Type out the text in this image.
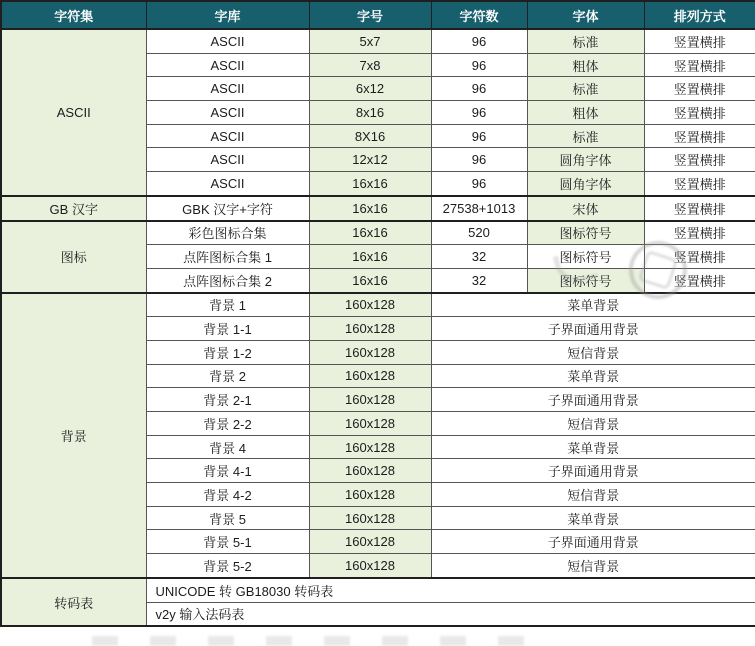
字符集	字库	字号	字符数	字体	排列方式
ASCII	ASCII	5x7	96	标准	竖置横排
	ASCII	7x8	96	粗体	竖置横排
	ASCII	6x12	96	标准	竖置横排
	ASCII	8x16	96	粗体	竖置横排
	ASCII	8X16	96	标准	竖置横排
	ASCII	12x12	96	圆角字体	竖置横排
	ASCII	16x16	96	圆角字体	竖置横排
GB 汉字	GBK 汉字+字符	16x16	27538+1013	宋体	竖置横排
图标	彩色图标合集	16x16	520	图标符号	竖置横排
	点阵图标合集 1	16x16	32	图标符号	竖置横排
	点阵图标合集 2	16x16	32	图标符号	竖置横排
背景	背景 1	160x128	菜单背景		
	背景 1-1	160x128	子界面通用背景		
	背景 1-2	160x128	短信背景		
	背景 2	160x128	菜单背景		
	背景 2-1	160x128	子界面通用背景		
	背景 2-2	160x128	短信背景		
	背景 4	160x128	菜单背景		
	背景 4-1	160x128	子界面通用背景		
	背景 4-2	160x128	短信背景		
	背景 5	160x128	菜单背景		
	背景 5-1	160x128	子界面通用背景		
	背景 5-2	160x128	短信背景		
转码表	UNICODE 转 GB18030 转码表				
	v2y 输入法码表				
